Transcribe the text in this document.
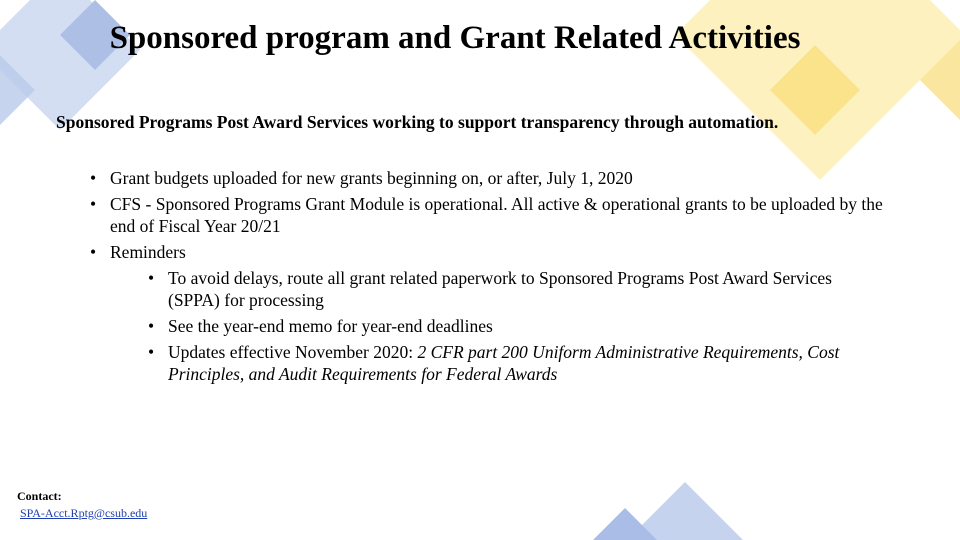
Sponsored program and Grant Related Activities

Sponsored Programs Post Award Services working to support transparency through automation.

• Grant budgets uploaded for new grants beginning on, or after, July 1, 2020
• CFS - Sponsored Programs Grant Module is operational. All active & operational grants to be uploaded by the end of Fiscal Year 20/21
• Reminders
• To avoid delays, route all grant related paperwork to Sponsored Programs Post Award Services (SPPA) for processing
• See the year-end memo for year-end deadlines
• Updates effective November 2020: 2 CFR part 200 Uniform Administrative Requirements, Cost Principles, and Audit Requirements for Federal Awards
Contact:
SPA-Acct.Rptg@csub.edu
